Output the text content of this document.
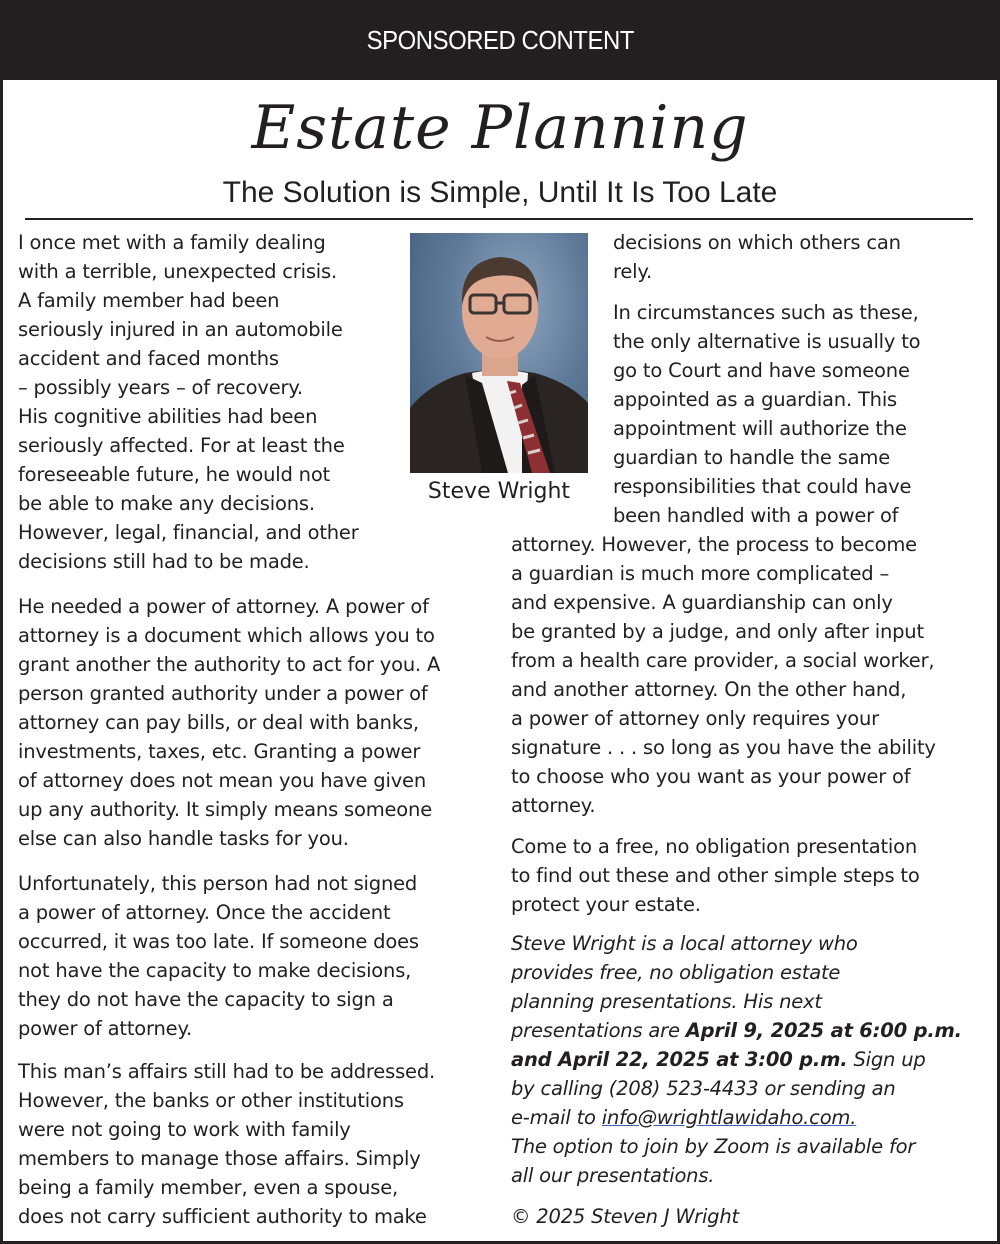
SPONSORED CONTENT
Estate Planning
The Solution is Simple, Until It Is Too Late
Steve Wright
I once met with a family dealing
with a terrible, unexpected crisis.
A family member had been
seriously injured in an automobile
accident and faced months
– possibly years – of recovery.
His cognitive abilities had been
seriously affected. For at least the
foreseeable future, he would not
be able to make any decisions.
However, legal, financial, and other
decisions still had to be made.
He needed a power of attorney. A power of
attorney is a document which allows you to
grant another the authority to act for you. A
person granted authority under a power of
attorney can pay bills, or deal with banks,
investments, taxes, etc. Granting a power
of attorney does not mean you have given
up any authority. It simply means someone
else can also handle tasks for you.
Unfortunately, this person had not signed
a power of attorney. Once the accident
occurred, it was too late. If someone does
not have the capacity to make decisions,
they do not have the capacity to sign a
power of attorney.
This man’s affairs still had to be addressed.
However, the banks or other institutions
were not going to work with family
members to manage those affairs. Simply
being a family member, even a spouse,
does not carry sufficient authority to make
decisions on which others can
rely.
In circumstances such as these,
the only alternative is usually to
go to Court and have someone
appointed as a guardian. This
appointment will authorize the
guardian to handle the same
responsibilities that could have
been handled with a power of
attorney. However, the process to become
a guardian is much more complicated –
and expensive. A guardianship can only
be granted by a judge, and only after input
from a health care provider, a social worker,
and another attorney. On the other hand,
a power of attorney only requires your
signature . . . so long as you have the ability
to choose who you want as your power of
attorney.
Come to a free, no obligation presentation
to find out these and other simple steps to
protect your estate.
Steve Wright is a local attorney who
provides free, no obligation estate
planning presentations. His next
presentations are April 9, 2025 at 6:00 p.m.
and April 22, 2025 at 3:00 p.m. Sign up
by calling (208) 523-4433 or sending an
e-mail to info@wrightlawidaho.com.
The option to join by Zoom is available for
all our presentations.
© 2025 Steven J Wright
